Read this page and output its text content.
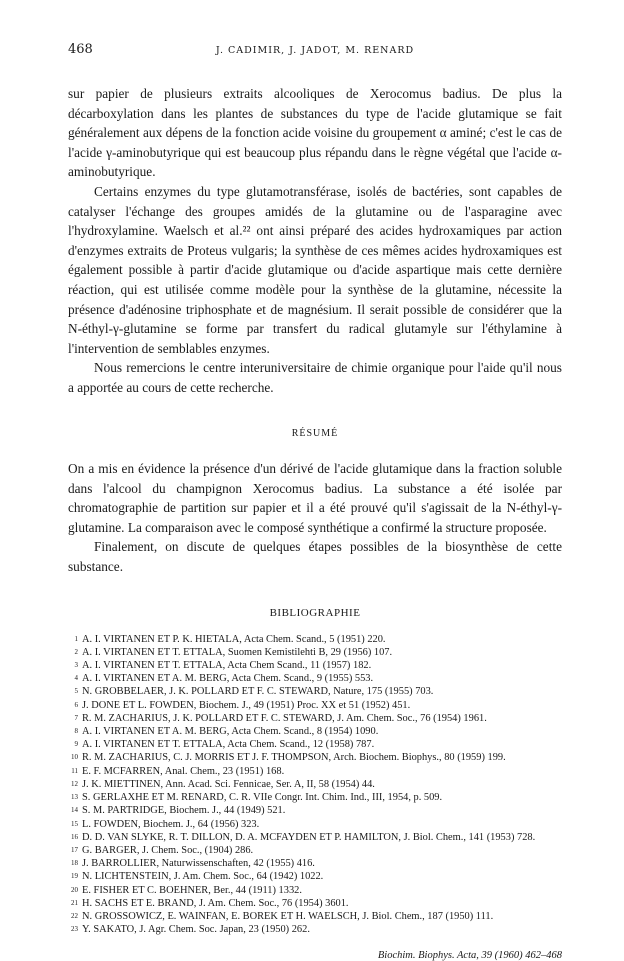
468	J. CADIMIR, J. JADOT, M. RENARD

sur papier de plusieurs extraits alcooliques de Xerocomus badius. De plus la décarboxylation dans les plantes de substances du type de l'acide glutamique se fait généralement aux dépens de la fonction acide voisine du groupement α aminé; c'est le cas de l'acide γ-aminobutyrique qui est beaucoup plus répandu dans le règne végétal que l'acide α-aminobutyrique.

Certains enzymes du type glutamotransférase, isolés de bactéries, sont capables de catalyser l'échange des groupes amidés de la glutamine ou de l'asparagine avec l'hydroxylamine. Waelsch et al.²² ont ainsi préparé des acides hydroxamiques par action d'enzymes extraits de Proteus vulgaris; la synthèse de ces mêmes acides hydroxamiques est également possible à partir d'acide glutamique ou d'acide aspartique mais cette dernière réaction, qui est utilisée comme modèle pour la synthèse de la glutamine, nécessite la présence d'adénosine triphosphate et de magnésium. Il serait possible de considérer que la N-éthyl-γ-glutamine se forme par transfert du radical glutamyle sur l'éthylamine à l'intervention de semblables enzymes.

Nous remercions le centre interuniversitaire de chimie organique pour l'aide qu'il nous a apportée au cours de cette recherche.

RÉSUMÉ

On a mis en évidence la présence d'un dérivé de l'acide glutamique dans la fraction soluble dans l'alcool du champignon Xerocomus badius. La substance a été isolée par chromatographie de partition sur papier et il a été prouvé qu'il s'agissait de la N-éthyl-γ-glutamine. La comparaison avec le composé synthétique a confirmé la structure proposée.

Finalement, on discute de quelques étapes possibles de la biosynthèse de cette substance.

BIBLIOGRAPHIE
1 A. I. VIRTANEN ET P. K. HIETALA, Acta Chem. Scand., 5 (1951) 220.
2 A. I. VIRTANEN ET T. ETTALA, Suomen Kemistilehti B, 29 (1956) 107.
3 A. I. VIRTANEN ET T. ETTALA, Acta Chem Scand., 11 (1957) 182.
4 A. I. VIRTANEN ET A. M. BERG, Acta Chem. Scand., 9 (1955) 553.
5 N. GROBBELAER, J. K. POLLARD ET F. C. STEWARD, Nature, 175 (1955) 703.
6 J. DONE ET L. FOWDEN, Biochem. J., 49 (1951) Proc. XX et 51 (1952) 451.
7 R. M. ZACHARIUS, J. K. POLLARD ET F. C. STEWARD, J. Am. Chem. Soc., 76 (1954) 1961.
8 A. I. VIRTANEN ET A. M. BERG, Acta Chem. Scand., 8 (1954) 1090.
9 A. I. VIRTANEN ET T. ETTALA, Acta Chem. Scand., 12 (1958) 787.
10 R. M. ZACHARIUS, C. J. MORRIS ET J. F. THOMPSON, Arch. Biochem. Biophys., 80 (1959) 199.
11 E. F. MCFARREN, Anal. Chem., 23 (1951) 168.
12 J. K. MIETTINEN, Ann. Acad. Sci. Fennicae, Ser. A, II, 58 (1954) 44.
13 S. GERLAXHE ET M. RENARD, C. R. VIIe Congr. Int. Chim. Ind., III, 1954, p. 509.
14 S. M. PARTRIDGE, Biochem. J., 44 (1949) 521.
15 L. FOWDEN, Biochem. J., 64 (1956) 323.
16 D. D. VAN SLYKE, R. T. DILLON, D. A. MCFAYDEN ET P. HAMILTON, J. Biol. Chem., 141 (1953) 728.
17 G. BARGER, J. Chem. Soc., (1904) 286.
18 J. BARROLLIER, Naturwissenschaften, 42 (1955) 416.
19 N. LICHTENSTEIN, J. Am. Chem. Soc., 64 (1942) 1022.
20 E. FISHER ET C. BOEHNER, Ber., 44 (1911) 1332.
21 H. SACHS ET E. BRAND, J. Am. Chem. Soc., 76 (1954) 3601.
22 N. GROSSOWICZ, E. WAINFAN, E. BOREK ET H. WAELSCH, J. Biol. Chem., 187 (1950) 111.
23 Y. SAKATO, J. Agr. Chem. Soc. Japan, 23 (1950) 262.
Biochim. Biophys. Acta, 39 (1960) 462–468
